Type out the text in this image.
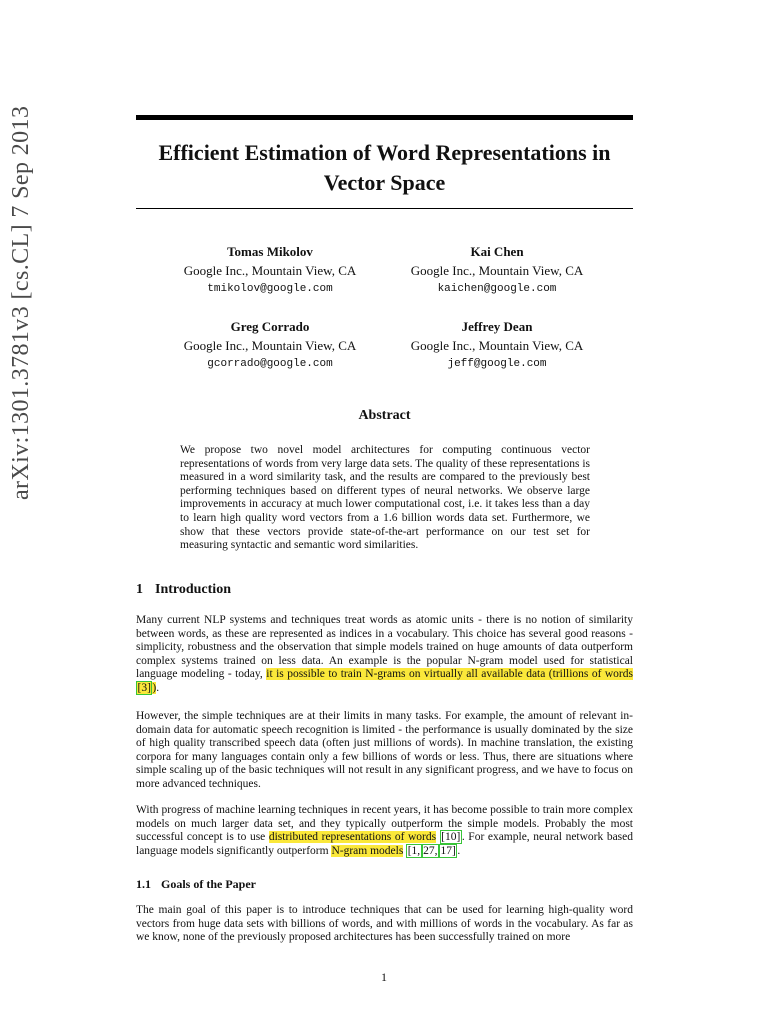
arXiv:1301.3781v3 [cs.CL] 7 Sep 2013	Efficient Estimation of Word Representations in Vector Space
Tomas Mikolov
Google Inc., Mountain View, CA
tmikolov@google.com
Kai Chen
Google Inc., Mountain View, CA
kaichen@google.com
Greg Corrado
Google Inc., Mountain View, CA
gcorrado@google.com
Jeffrey Dean
Google Inc., Mountain View, CA
jeff@google.com
Abstract

We propose two novel model architectures for computing continuous vector representations of words from very large data sets. The quality of these representations is measured in a word similarity task, and the results are compared to the previously best performing techniques based on different types of neural networks. We observe large improvements in accuracy at much lower computational cost, i.e. it takes less than a day to learn high quality word vectors from a 1.6 billion words data set. Furthermore, we show that these vectors provide state-of-the-art performance on our test set for measuring syntactic and semantic word similarities.

1 Introduction

Many current NLP systems and techniques treat words as atomic units - there is no notion of similarity between words, as these are represented as indices in a vocabulary. This choice has several good reasons - simplicity, robustness and the observation that simple models trained on huge amounts of data outperform complex systems trained on less data. An example is the popular N-gram model used for statistical language modeling - today, it is possible to train N-grams on virtually all available data (trillions of words [3] ).

However, the simple techniques are at their limits in many tasks. For example, the amount of relevant in-domain data for automatic speech recognition is limited - the performance is usually dominated by the size of high quality transcribed speech data (often just millions of words). In machine translation, the existing corpora for many languages contain only a few billions of words or less. Thus, there are situations where simple scaling up of the basic techniques will not result in any significant progress, and we have to focus on more advanced techniques.

With progress of machine learning techniques in recent years, it has become possible to train more complex models on much larger data set, and they typically outperform the simple models. Probably the most successful concept is to use distributed representations of words [10] . For example, neural network based language models significantly outperform N-gram models [1, 27, 17] .

1.1 Goals of the Paper

The main goal of this paper is to introduce techniques that can be used for learning high-quality word vectors from huge data sets with billions of words, and with millions of words in the vocabulary. As far as we know, none of the previously proposed architectures has been successfully trained on more

1
